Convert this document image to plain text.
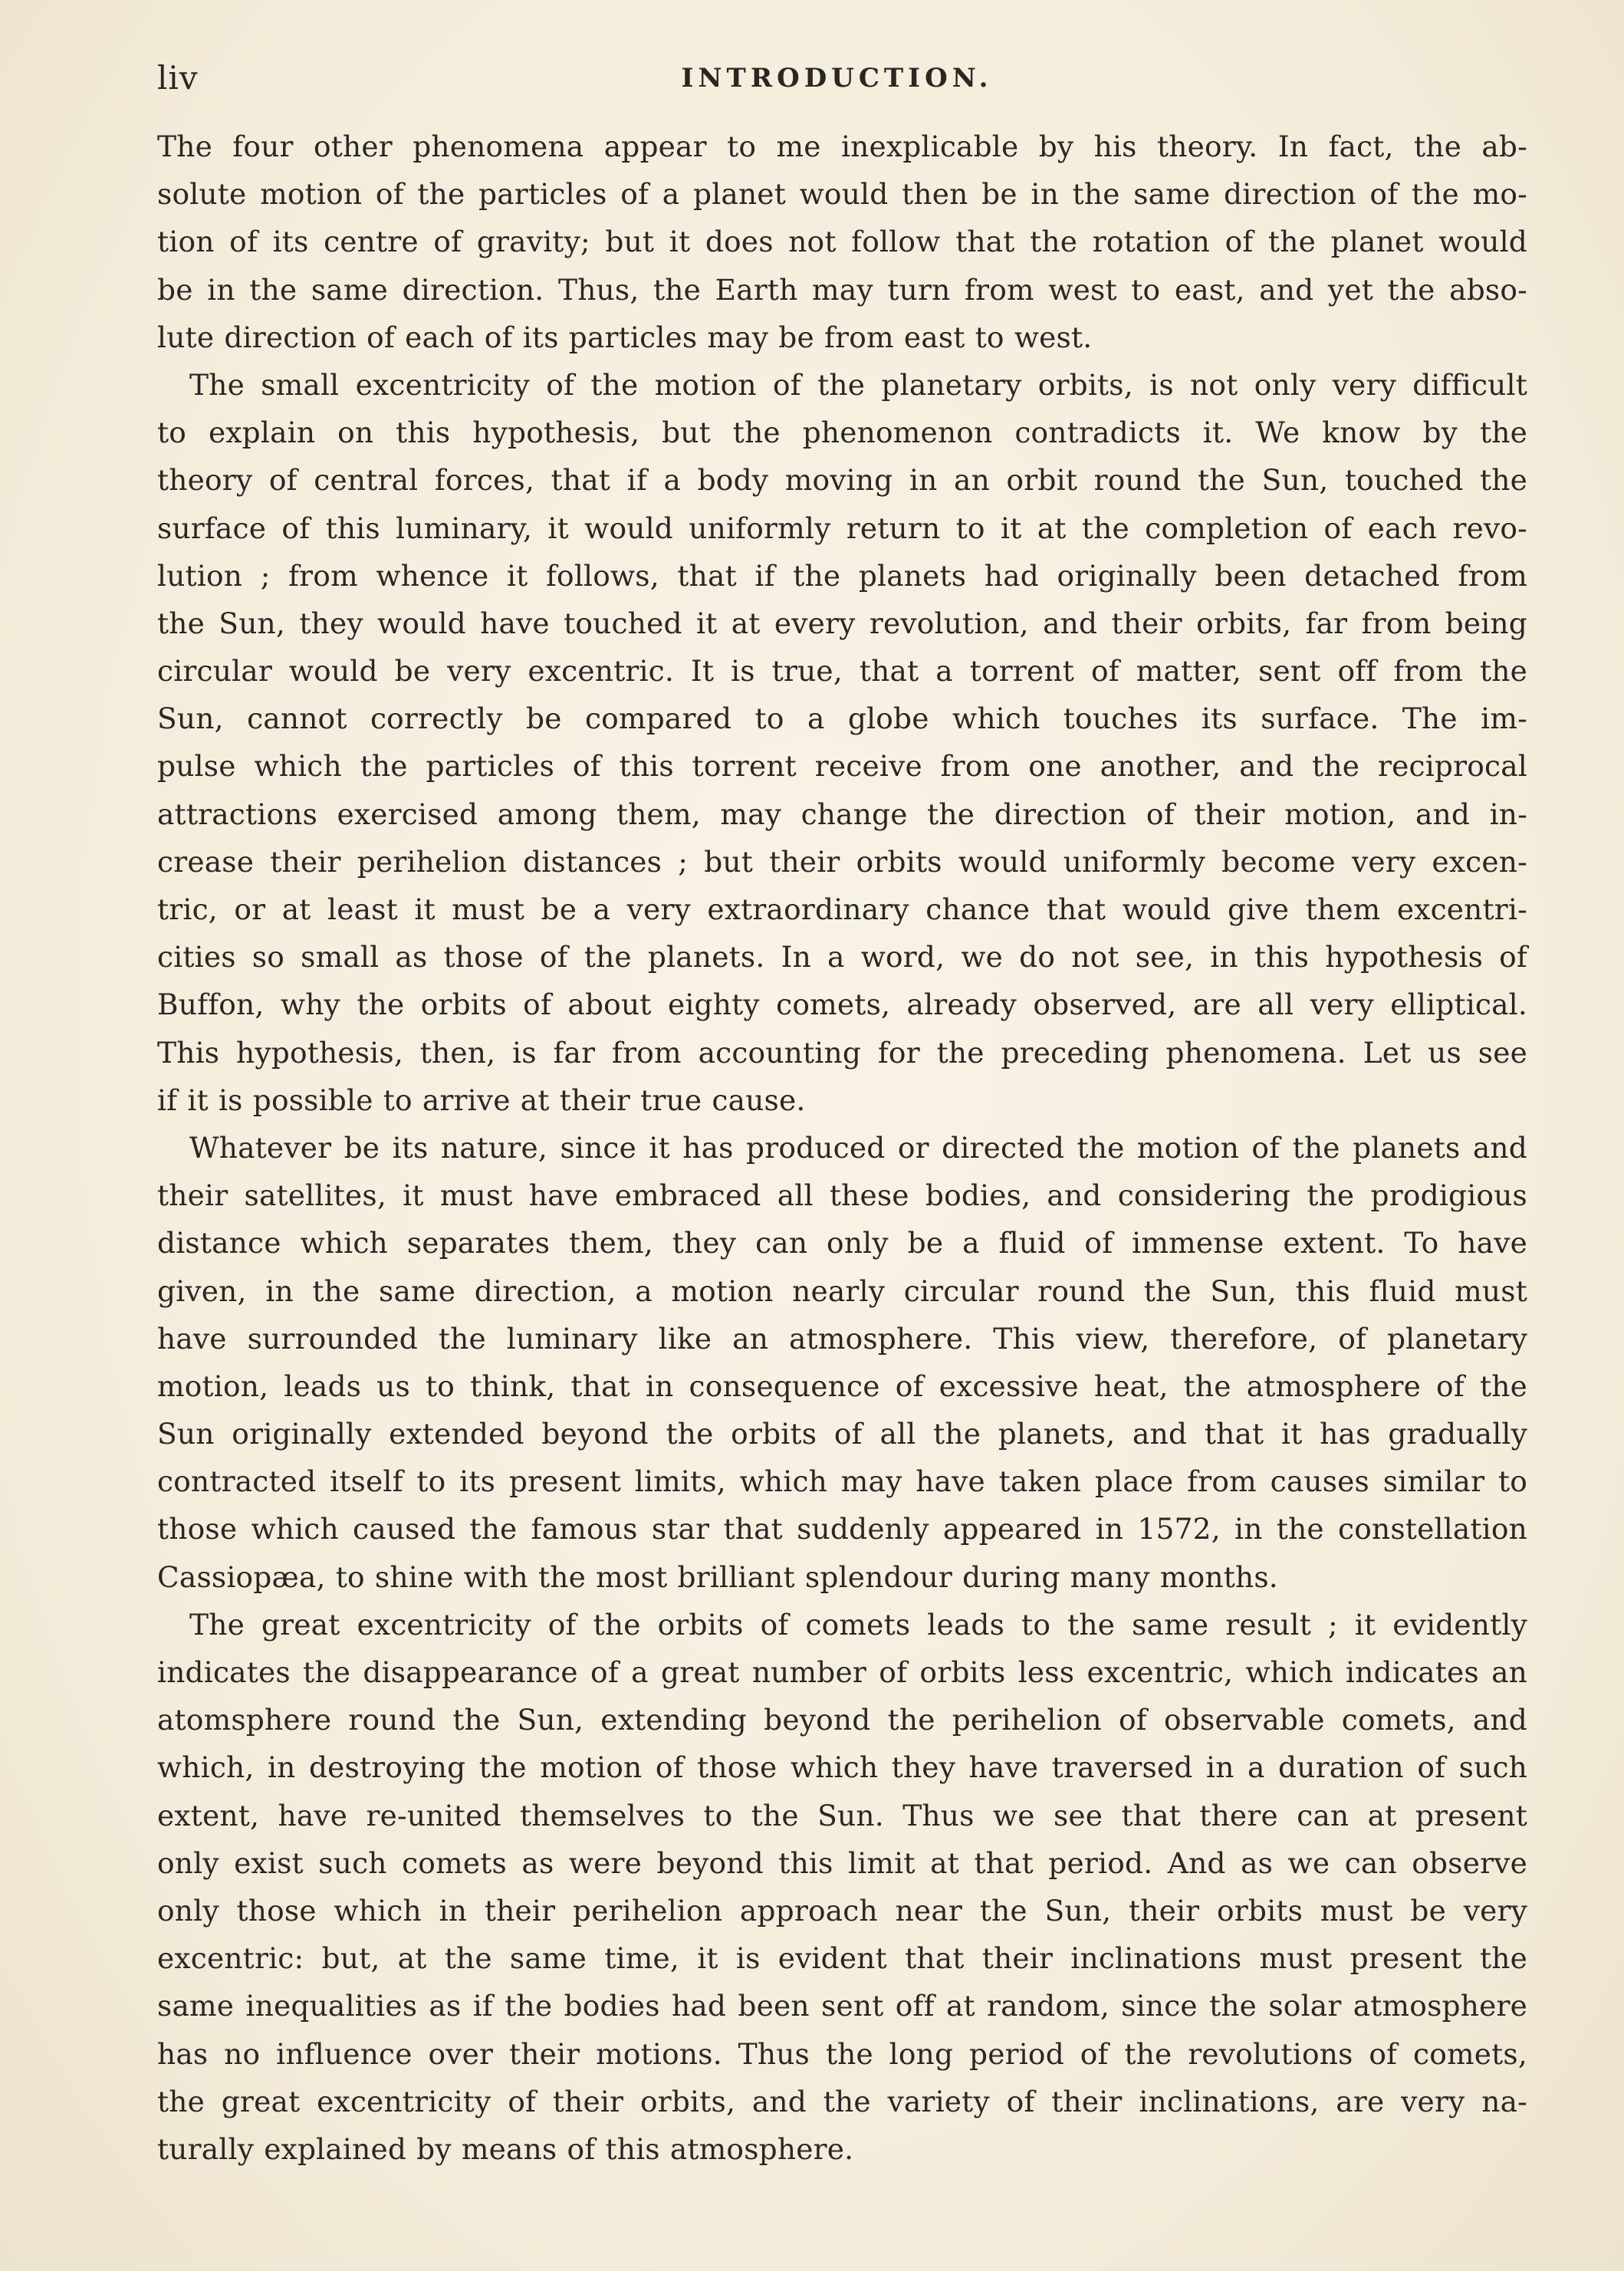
liv	INTRODUCTION.
The four other phenomena appear to me inexplicable by his theory. In fact, the ab-
solute motion of the particles of a planet would then be in the same direction of the mo-
tion of its centre of gravity; but it does not follow that the rotation of the planet would
be in the same direction. Thus, the Earth may turn from west to east, and yet the abso-
lute direction of each of its particles may be from east to west.
The small excentricity of the motion of the planetary orbits, is not only very difficult
to explain on this hypothesis, but the phenomenon contradicts it. We know by the
theory of central forces, that if a body moving in an orbit round the Sun, touched the
surface of this luminary, it would uniformly return to it at the completion of each revo-
lution ; from whence it follows, that if the planets had originally been detached from
the Sun, they would have touched it at every revolution, and their orbits, far from being
circular would be very excentric. It is true, that a torrent of matter, sent off from the
Sun, cannot correctly be compared to a globe which touches its surface. The im-
pulse which the particles of this torrent receive from one another, and the reciprocal
attractions exercised among them, may change the direction of their motion, and in-
crease their perihelion distances ; but their orbits would uniformly become very excen-
tric, or at least it must be a very extraordinary chance that would give them excentri-
cities so small as those of the planets. In a word, we do not see, in this hypothesis of
Buffon, why the orbits of about eighty comets, already observed, are all very elliptical.
This hypothesis, then, is far from accounting for the preceding phenomena. Let us see
if it is possible to arrive at their true cause.
Whatever be its nature, since it has produced or directed the motion of the planets and
their satellites, it must have embraced all these bodies, and considering the prodigious
distance which separates them, they can only be a fluid of immense extent. To have
given, in the same direction, a motion nearly circular round the Sun, this fluid must
have surrounded the luminary like an atmosphere. This view, therefore, of planetary
motion, leads us to think, that in consequence of excessive heat, the atmosphere of the
Sun originally extended beyond the orbits of all the planets, and that it has gradually
contracted itself to its present limits, which may have taken place from causes similar to
those which caused the famous star that suddenly appeared in 1572, in the constellation
Cassiopæa, to shine with the most brilliant splendour during many months.
The great excentricity of the orbits of comets leads to the same result ; it evidently
indicates the disappearance of a great number of orbits less excentric, which indicates an
atomsphere round the Sun, extending beyond the perihelion of observable comets, and
which, in destroying the motion of those which they have traversed in a duration of such
extent, have re-united themselves to the Sun. Thus we see that there can at present
only exist such comets as were beyond this limit at that period. And as we can observe
only those which in their perihelion approach near the Sun, their orbits must be very
excentric: but, at the same time, it is evident that their inclinations must present the
same inequalities as if the bodies had been sent off at random, since the solar atmosphere
has no influence over their motions. Thus the long period of the revolutions of comets,
the great excentricity of their orbits, and the variety of their inclinations, are very na-
turally explained by means of this atmosphere.
